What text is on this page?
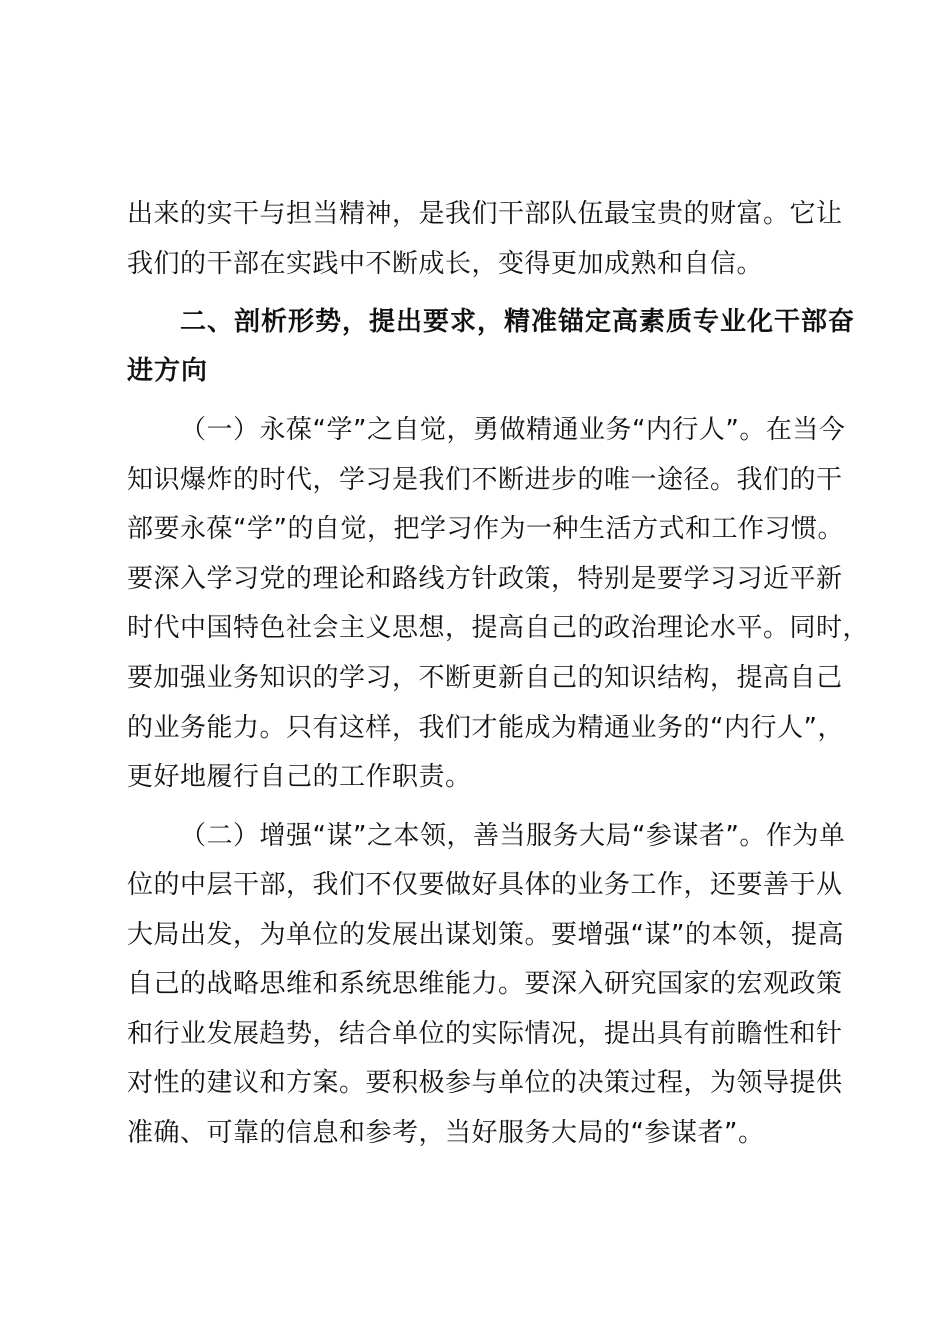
出来的实干与担当精神，是我们干部队伍最宝贵的财富。它让
我们的干部在实践中不断成长，变得更加成熟和自信。
二、剖析形势，提出要求，精准锚定高素质专业化干部奋
进方向
（一）永葆“学”之自觉，勇做精通业务“内行人”。在当今
知识爆炸的时代，学习是我们不断进步的唯一途径。我们的干
部要永葆“学”的自觉，把学习作为一种生活方式和工作习惯。
要深入学习党的理论和路线方针政策，特别是要学习习近平新
时代中国特色社会主义思想，提高自己的政治理论水平。同时，
要加强业务知识的学习，不断更新自己的知识结构，提高自己
的业务能力。只有这样，我们才能成为精通业务的“内行人”，
更好地履行自己的工作职责。
（二）增强“谋”之本领，善当服务大局“参谋者”。作为单
位的中层干部，我们不仅要做好具体的业务工作，还要善于从
大局出发，为单位的发展出谋划策。要增强“谋”的本领，提高
自己的战略思维和系统思维能力。要深入研究国家的宏观政策
和行业发展趋势，结合单位的实际情况，提出具有前瞻性和针
对性的建议和方案。要积极参与单位的决策过程，为领导提供
准确、可靠的信息和参考，当好服务大局的“参谋者”。
